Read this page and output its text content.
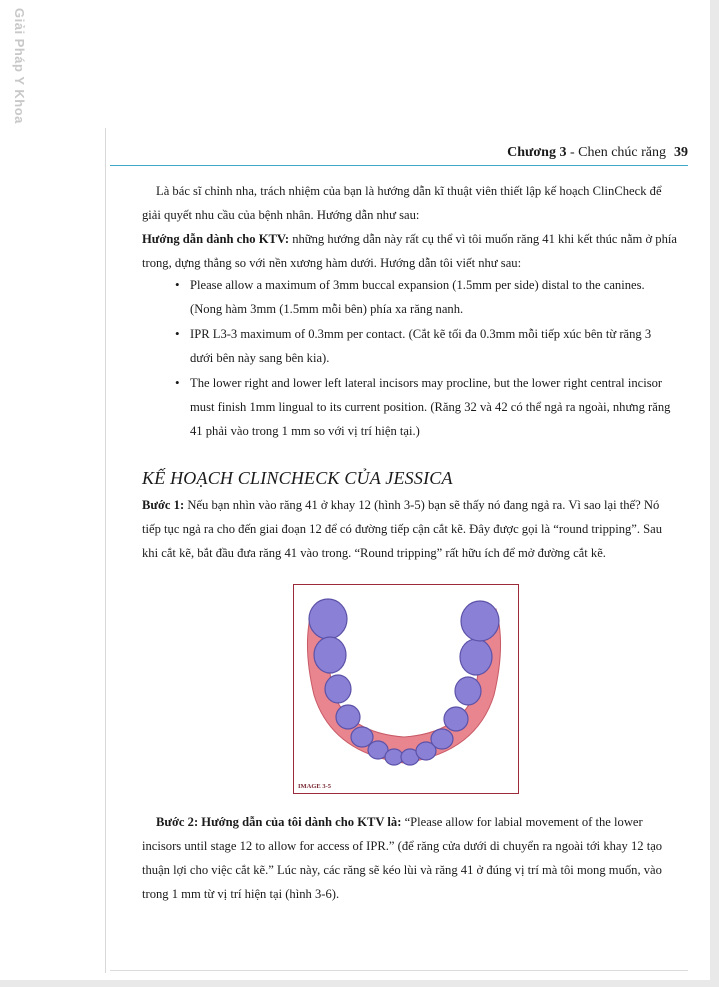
Giải Pháp Y Khoa
Chương 3 - Chen chúc răng 39
Là bác sĩ chỉnh nha, trách nhiệm của bạn là hướng dẫn kĩ thuật viên thiết lập kế hoạch ClinCheck để giải quyết nhu cầu của bệnh nhân. Hướng dẫn như sau:
Hướng dẫn dành cho KTV: những hướng dẫn này rất cụ thể vì tôi muốn răng 41 khi kết thúc nằm ở phía trong, dựng thẳng so với nền xương hàm dưới. Hướng dẫn tôi viết như sau:
• Please allow a maximum of 3mm buccal expansion (1.5mm per side) distal to the canines. (Nong hàm 3mm (1.5mm mỗi bên) phía xa răng nanh.
• IPR L3-3 maximum of 0.3mm per contact. (Cắt kẽ tối đa 0.3mm mỗi tiếp xúc bên từ răng 3 dưới bên này sang bên kia).
• The lower right and lower left lateral incisors may procline, but the lower right central incisor must finish 1mm lingual to its current position. (Răng 32 và 42 có thể ngả ra ngoài, nhưng răng 41 phải vào trong 1 mm so với vị trí hiện tại.)
KẾ HOẠCH CLINCHECK CỦA JESSICA
Bước 1: Nếu bạn nhìn vào răng 41 ở khay 12 (hình 3-5) bạn sẽ thấy nó đang ngả ra. Vì sao lại thế? Nó tiếp tục ngả ra cho đến giai đoạn 12 để có đường tiếp cận cắt kẽ. Đây được gọi là “round tripping”. Sau khi cắt kẽ, bắt đầu đưa răng 41 vào trong. “Round tripping” rất hữu ích để mở đường cắt kẽ.
IMAGE 3-5
Bước 2: Hướng dẫn của tôi dành cho KTV là: “Please allow for labial movement of the lower incisors until stage 12 to allow for access of IPR.” (để răng cửa dưới di chuyển ra ngoài tới khay 12 tạo thuận lợi cho việc cắt kẽ.” Lúc này, các răng sẽ kéo lùi và răng 41 ở đúng vị trí mà tôi mong muốn, vào trong 1 mm từ vị trí hiện tại (hình 3-6).
